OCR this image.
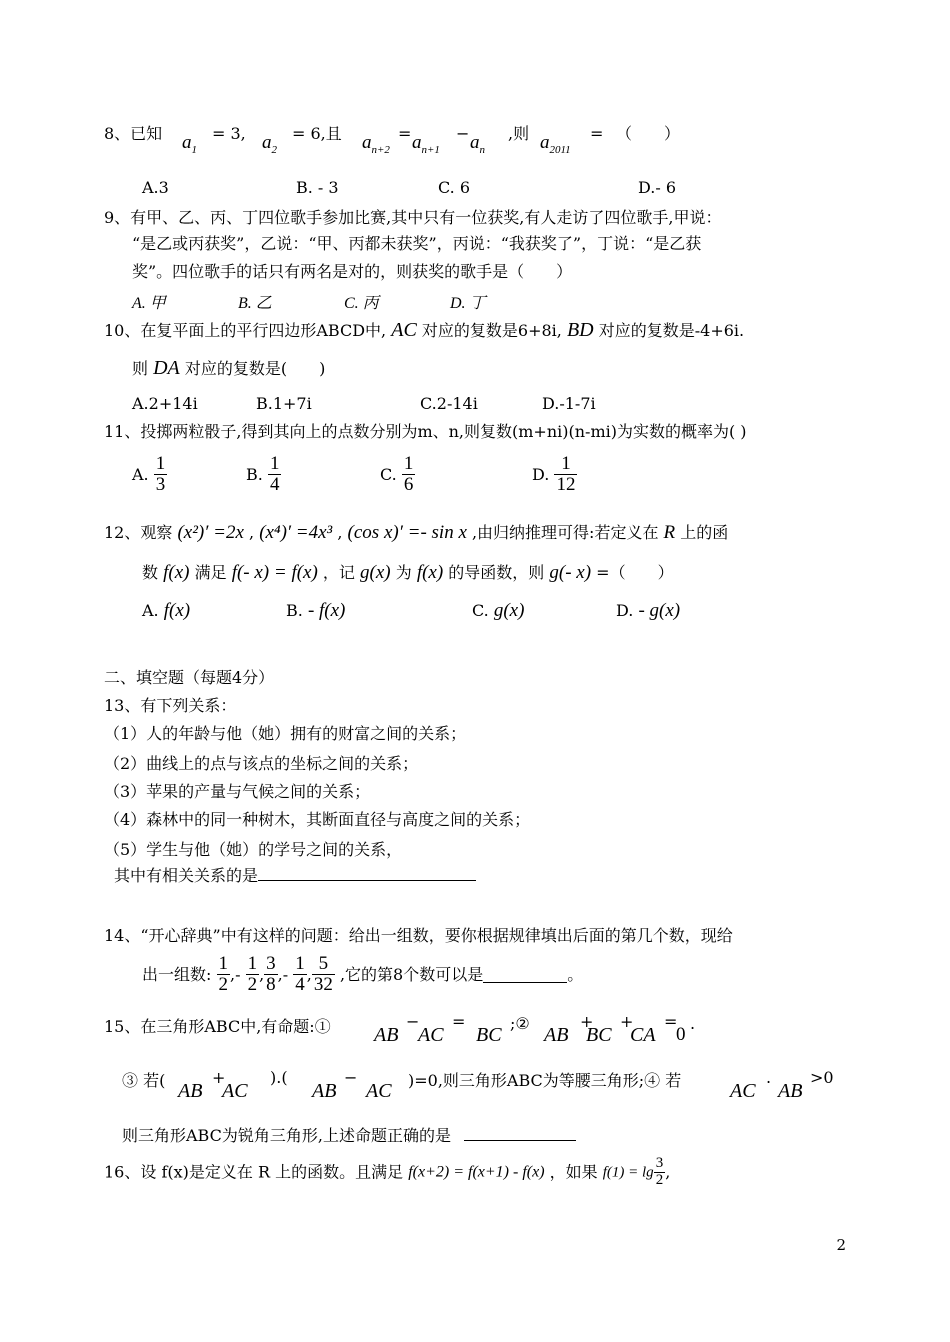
8、已知 $a_1$
= 3, $a_2$
= 6,且 $a_{n+2}$
= $a_{n+1}$
− $a_n$
,则 $a_{2011}$
= （　　）
A.3	B. - 3	C. 6	D.- 6
9、有甲、乙、丙、丁四位歌手参加比赛,其中只有一位获奖,有人走访了四位歌手,甲说：
“是乙或丙获奖”，乙说：“甲、丙都未获奖”，丙说：“我获奖了”，丁说：“是乙获
奖”。四位歌手的话只有两名是对的，则获奖的歌手是（　　）
A. 甲	B. 乙	C. 丙	D. 丁
10、在复平面上的平行四边形ABCD中, AC 对应的复数是6+8i, BD 对应的复数是-4+6i.
则 DA 对应的复数是(　　)
A.2+14i	B.1+7i	C.2-14i	D.-1-7i
11、投掷两粒骰子,得到其向上的点数分别为m、n,则复数(m+ni)(n-mi)为实数的概率为( )
A. $\frac{1}{3}$	B. $\frac{1}{4}$	C. $\frac{1}{6}$	D. $\frac{1}{12}$
12、观察 (x²)′ =2x , (x⁴)′ =4x³ , (cos x)′ =- sin x ,由归纳推理可得:若定义在 R 上的函
数 f(x) 满足 f(- x) = f(x) ，记 g(x) 为 f(x) 的导函数，则 g(- x) =（　　）
A. f(x)	B. - f(x)	C. g(x)	D. - g(x)
二、填空题（每题4分）
13、有下列关系：
（1）人的年龄与他（她）拥有的财富之间的关系；
（2）曲线上的点与该点的坐标之间的关系；
（3）苹果的产量与气候之间的关系；
（4）森林中的同一种树木，其断面直径与高度之间的关系；
（5）学生与他（她）的学号之间的关系，
其中有相关关系的是
14、“开心辞典”中有这样的问题：给出一组数，要你根据规律填出后面的第几个数，现给
出一组数: $\frac{1}{2}$ ,- $\frac{1}{2}$ , $\frac{3}{8}$ ,- $\frac{1}{4}$ , $\frac{5}{32}$ ,它的第8个数可以是	。
15、在三角形ABC中,有命题:① AB
−
AC
=
BC
;②
AB
+
BC
+
CA
=
0
.
③ 若( AB
+
AC
).(
AB
−
AC )=0,则三角形ABC为等腰三角形;④ 若 AC
.
AB
>0
则三角形ABC为锐角三角形,上述命题正确的是
16、设 f(x)是定义在 R 上的函数。且满足 f(x+2) = f(x+1) - f(x) ，如果 $f(1) = \lg \frac{3}{2}$ ,
2
